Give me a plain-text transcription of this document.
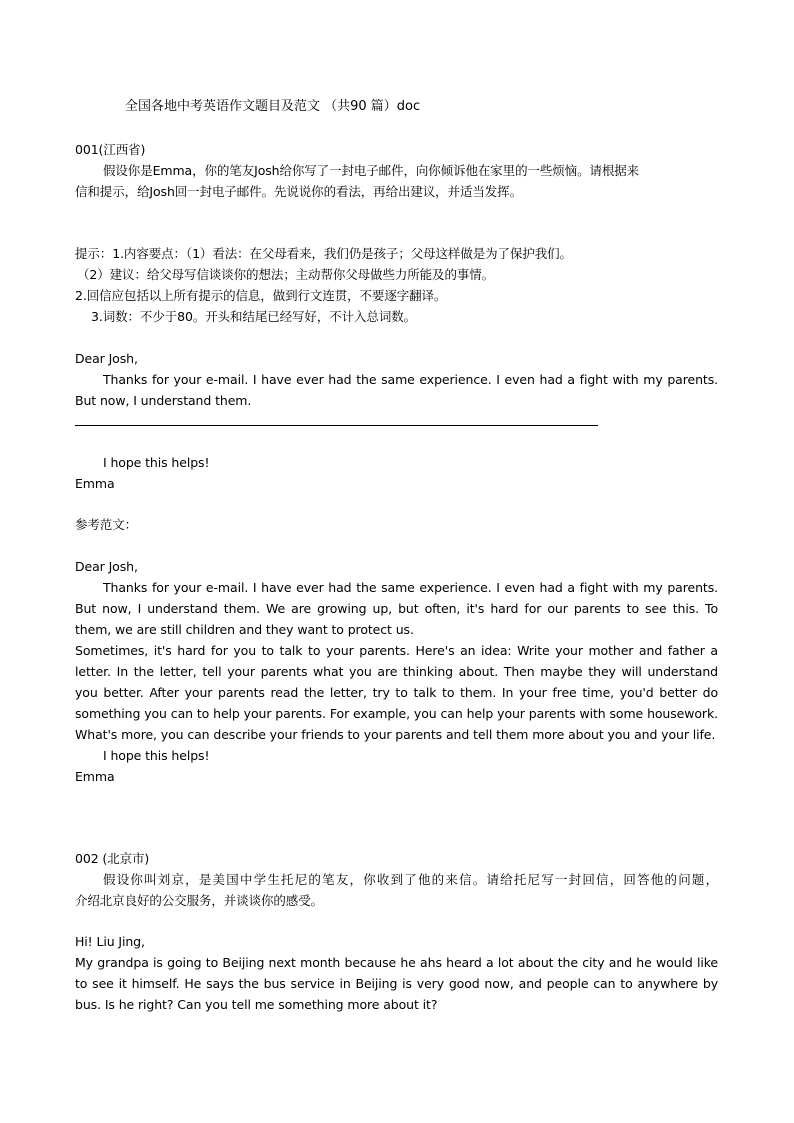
全国各地中考英语作文题目及范文 （共90 篇）doc
001(江西省)
假设你是Emma，你的笔友Josh给你写了一封电子邮件，向你倾诉他在家里的一些烦恼。请根据来
信和提示，给Josh回一封电子邮件。先说说你的看法，再给出建议，并适当发挥。
提示：1.内容要点：（1）看法：在父母看来，我们仍是孩子；父母这样做是为了保护我们。
（2）建议：给父母写信谈谈你的想法；主动帮你父母做些力所能及的事情。
2.回信应包括以上所有提示的信息，做到行文连贯，不要逐字翻译。
3.词数：不少于80。开头和结尾已经写好，不计入总词数。
Dear Josh,
Thanks for your e-mail. I have ever had the same experience. I even had a fight with my parents.
But now, I understand them.
I hope this helps!
Emma
参考范文：
Dear Josh,
Thanks for your e-mail. I have ever had the same experience. I even had a fight with my parents.
But now, I understand them. We are growing up, but often, it's hard for our parents to see this. To
them, we are still children and they want to protect us.
Sometimes, it's hard for you to talk to your parents. Here's an idea: Write your mother and father a
letter. In the letter, tell your parents what you are thinking about. Then maybe they will understand
you better. After your parents read the letter, try to talk to them. In your free time, you'd better do
something you can to help your parents. For example, you can help your parents with some housework.
What's more, you can describe your friends to your parents and tell them more about you and your life.
I hope this helps!
Emma
002 (北京市)
假设你叫刘京，是美国中学生托尼的笔友，你收到了他的来信。请给托尼写一封回信，回答他的问题，
介绍北京良好的公交服务，并谈谈你的感受。
Hi! Liu Jing,
My grandpa is going to Beijing next month because he ahs heard a lot about the city and he would like
to see it himself. He says the bus service in Beijing is very good now, and people can to anywhere by
bus. Is he right? Can you tell me something more about it?
